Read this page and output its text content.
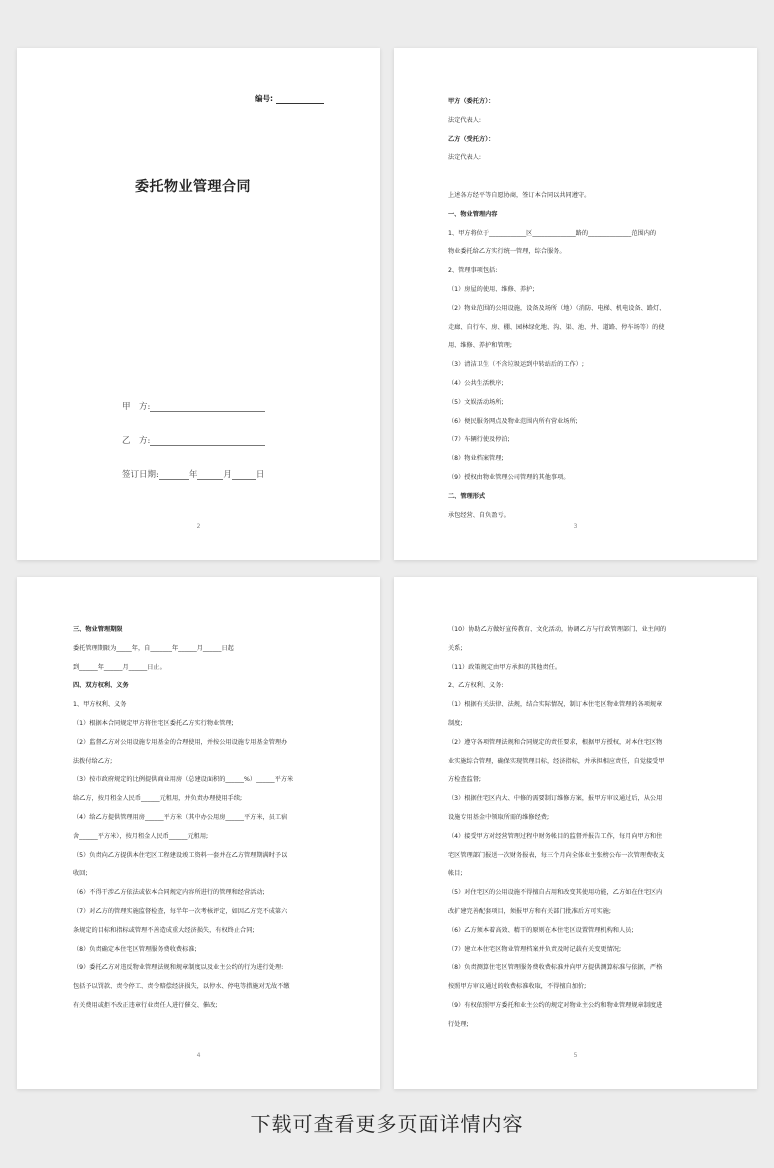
编号:
委托物业管理合同
甲　方:
乙　方:
签订日期:	年	月	日
2
甲方（委托方）：
法定代表人:
乙方（受托方）：
法定代表人:

上述各方经平等自愿协商，签订本合同以共同遵守。
一、物业管理内容
1、甲方将位于____________区______________路的______________范围内的
物业委托给乙方实行统一管理，综合服务。
2、管理事项包括:
（1）房屋的使用、维修、养护;
（2）物业范围的公用设施，设备及场所（地）（消防、电梯、机电设备、路灯、
走廊、自行车、房、棚、园林绿化地、沟、渠、池、井、道路、停车场等）的使
用、维修、养护和管理;
（3）清洁卫生（不含垃圾运到中转站后的工作）;
（4）公共生活秩序;
（5）文娱活动场所;
（6）便民服务网点及物业范围内所有营业场所;
（7）车辆行使及停泊;
（8）物业档案管理;
（9）授权由物业管理公司管理的其他事项。
二、管理形式
承包经营、自负盈亏。
3
三、物业管理期限
委托管理期限为_____年，自_______年______月______日起
到______年______月______日止。
四、双方权利、义务
1、甲方权利、义务
（1）根据本合同规定甲方将住宅区委托乙方实行物业管理;
（2）监督乙方对公用设施专用基金的合理使用，并按公用设施专用基金管理办
法拨付给乙方;
（3）按市政府规定的比例提供商业用房（总建设面积的______%）______平方米
给乙方，按月租金人民币______元租用，并负责办理使用手续;
（4）给乙方提供管理用房______平方米（其中办公用房______平方米，员工宿
舍______平方米），按月租金人民币______元租用;
（5）负责向乙方提供本住宅区工程建设竣工资料一套并在乙方管理期满时予以
收回;
（6）不得干涉乙方依法或依本合同规定内容所进行的管理和经营活动;
（7）对乙方的管理实施监督检查，每半年一次考核评定，如因乙方完不成第六
条规定的目标和指标或管理不善造成重大经济损失，有权终止合同;
（8）负责确定本住宅区管理服务费收费标准;
（9）委托乙方对违反物业管理法规和规章制度以及业主公约的行为进行处理:
包括予以罚款、责令停工、责令赔偿经济损失，以停水、停电等措施对无故不缴
有关费用或拒不改正违章行业责任人进行催交、催改;
4
（10）协助乙方做好宣传教育、文化活动，协调乙方与行政管理部门、业主间的
关系;
（11）政策规定由甲方承担的其他责任。
2、乙方权利、义务:
（1）根据有关法律、法规，结合实际情况，制订本住宅区物业管理的各项规章
制度;
（2）遵守各项管理法规和合同规定的责任要求，根据甲方授权，对本住宅区物
业实施综合管理，确保实现管理目标，经济指标，并承担相应责任，自觉接受甲
方检查监督;
（3）根据住宅区内大、中修的需要制订维修方案，报甲方审议通过后，从公用
设施专用基金中领取所需的维修经费;
（4）接受甲方对经营管理过程中财务帐目的监督并报告工作，每月向甲方和住
宅区管理部门报送一次财务报表，每三个月向全体业主张榜公布一次管理费收支
帐目;
（5）对住宅区的公用设施不得擅自占用和改变其使用功能，乙方如在住宅区内
改扩建完善配套项目，须报甲方和有关部门批准后方可实施;
（6）乙方须本着高效、精干的原则在本住宅区设置管理机构和人员;
（7）建立本住宅区物业管理档案并负责及时记载有关变更情况;
（8）负责测算住宅区管理服务费收费标准并向甲方提供测算标准与依据，严格
按照甲方审议通过的收费标准收取，不得擅自加价;
（9）有权依照甲方委托和业主公约的规定对物业主公约和物业管理规章制度进
行处理;
5
下载可查看更多页面详情内容
